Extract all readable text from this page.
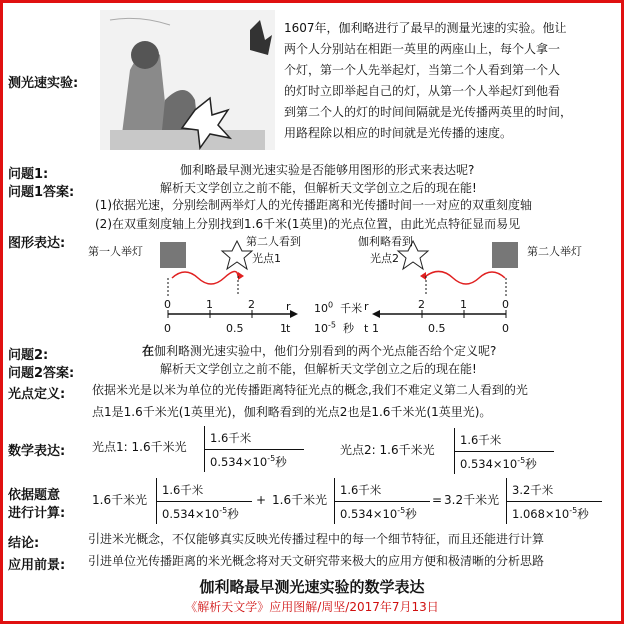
测光速实验:
1607年，伽利略进行了最早的测量光速的实验。他让
两个人分别站在相距一英里的两座山上，每个人拿一
个灯，第一个人先举起灯，当第二个人看到第一个人
的灯时立即举起自己的灯，从第一个人举起灯到他看
到第二个人的灯的时间间隔就是光传播两英里的时间，
用路程除以相应的时间就是光传播的速度。
问题1:	伽利略最早测光速实验是否能够用图形的形式来表达呢?
问题1答案:	解析天文学创立之前不能，但解析天文学创立之后的现在能!
图形表达:
(1)依据光速，分别绘制两举灯人的光传播距离和光传播时间一一对应的双重刻度轴
(2)在双重刻度轴上分别找到1.6千米(1英里)的光点位置，由此光点特征显而易见
第一人举灯
第二人看到
光点1
伽利略看到
光点2
第二人举灯
0	1	2	r
0	0.5	1 t
$10^0$ 千米
$10^{-5}$ 秒
r	2	1	0
t 1	0.5	0
问题2:	在伽利略测光速实验中，他们分别看到的两个光点能否给个定义呢?
问题2答案:	解析天文学创立之前不能，但解析天文学创立之后的现在能!
光点定义: 依据米光是以米为单位的光传播距离特征光点的概念,我们不难定义第二人看到的光
点1是1.6千米光(1英里光)，伽利略看到的光点2也是1.6千米光(1英里光)。
数学表达: 光点1: 1.6千米光
1.6千米
$0.534\times 10^{-5}$秒
光点2: 1.6千米光
1.6千米
$0.534\times 10^{-5}$秒
依据题意
进行计算:
1.6千米光
1.6千米
$0.534\times 10^{-5}$秒
+ 1.6千米光
1.6千米
$0.534\times 10^{-5}$秒
= 3.2千米光
3.2千米
$1.068\times 10^{-5}$秒
结论:	引进米光概念，不仅能够真实反映光传播过程中的每一个细节特征，而且还能进行计算
应用前景: 引进单位光传播距离的米光概念将对天文研究带来极大的应用方便和极清晰的分析思路
伽利略最早测光速实验的数学表达
《解析天文学》应用图解/周坚/2017年7月13日
